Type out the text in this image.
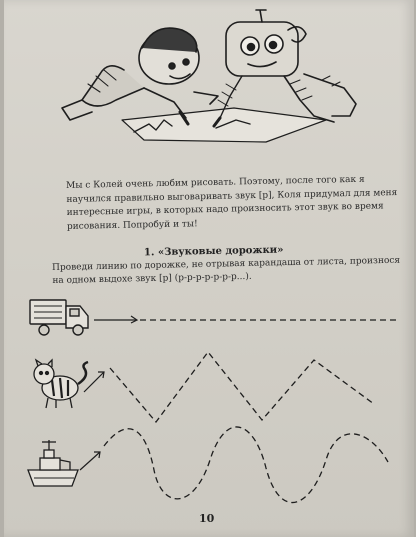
Мы с Колей очень любим рисовать. Поэтому, после того как я научился правильно выговаривать звук [р], Коля придумал для меня интересные игры, в которых надо произносить этот звук во время рисования. Попробуй и ты!
1. «Звуковые дорожки»
Проведи линию по дорожке, не отрывая карандаша от листа, произнося на одном выдохе звук [р] (р-р-р-р-р-р-р...).
10
